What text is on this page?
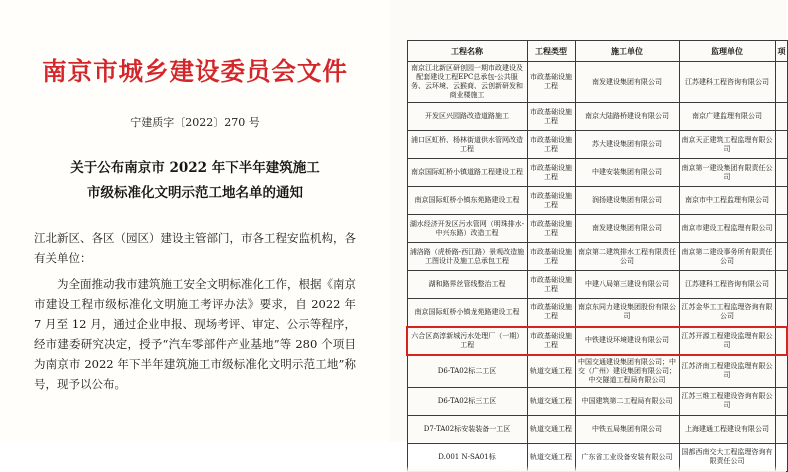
南京市城乡建设委员会文件
宁建质字〔2022〕270 号
关于公布南京市 2022 年下半年建筑施工
市级标准化文明示范工地名单的通知

江北新区、各区（园区）建设主管部门，市各工程安监机构，各有关单位：

为全面推动我市建筑施工安全文明标准化工作，根据《南京市建设工程市级标准化文明施工考评办法》要求，自 2022 年 7 月至 12 月，通过企业申报、现场考评、审定、公示等程序，经市建委研究决定，授予“汽车零部件产业基地”等 280 个项目为南京市 2022 年下半年建筑施工市级标准化文明示范工地”称号，现予以公布。

工程名称	工程类型	施工单位	监理单位	项
南京江北新区研创园一期市政建设及配套建设工程EPC总承包-公共服务、云环境、云猴商、云创新研发和商业楼施工	市政基础设施工程	南发建设集团有限公司	江苏建科工程咨询有限公司	
开发区兴园路改造道路施工	市政基础设施工程	南京大陆路桥建设有限公司	南京广建监理有限公司	
浦口区虹桥、杨林街道供水管网改造工程	市政基础设施工程	苏大建设集团有限公司	南京天正建筑工程监理有限公司	
南京国际虹桥小镇道路工程建设工程	市政基础设施工程	中建安装集团有限公司	南京第一建设集团有限责任公司	
南京国际虹桥小镇东苑路建设工程	市政基础设施工程	润扬建设集团有限公司	南京市中工程监理有限公司	
湖水经济开发区污水管网（明珠排水-中兴东路）改造工程	市政基础设施工程	南发建设集团有限公司	南京市建设工程监理有限公司	
浦洛路（虎桥路-西江路）景观改造施工图设计及施工总承包工程	市政基础设施工程	南京第二建筑排水工程有限责任公司	南京第二建设事务所有限责任公司	
湖和路界丝管线整治工程	市政基础设施工程	中建八局第三建设有限公司	江苏建科工程咨询有限公司	
南京国际虹桥小镇龙苑路建设工程	市政基础设施工程	南京东同力建设集团股份有限公司	江苏金华工工程监理咨询有限公司	
六合区高淳新城污水处理厂（一期）工程	市政基础设施工程	中铁建设环境建设有限公司	江苏开源工程建设监理有限公司	
D6-TA02标二工区	轨道交通工程	中国交通建设集团有限公司；中交（广州）建设集团有限公司；中交隧道工程局有限公司	江苏济南工程建设监理有限公司	
D6-TA02标三工区	轨道交通工程	中国建筑第二工程局有限公司	江苏三维工程建设咨询有限公司	
D7-TA02标安装装备一工区	轨道交通工程	中铁五局集团有限公司	上海建通工程建设有限公司	
D.001 N-SA01标	轨道交通工程	广东省工业设备安装有限公司	国都西南交大工程监理咨询有限责任公司	
